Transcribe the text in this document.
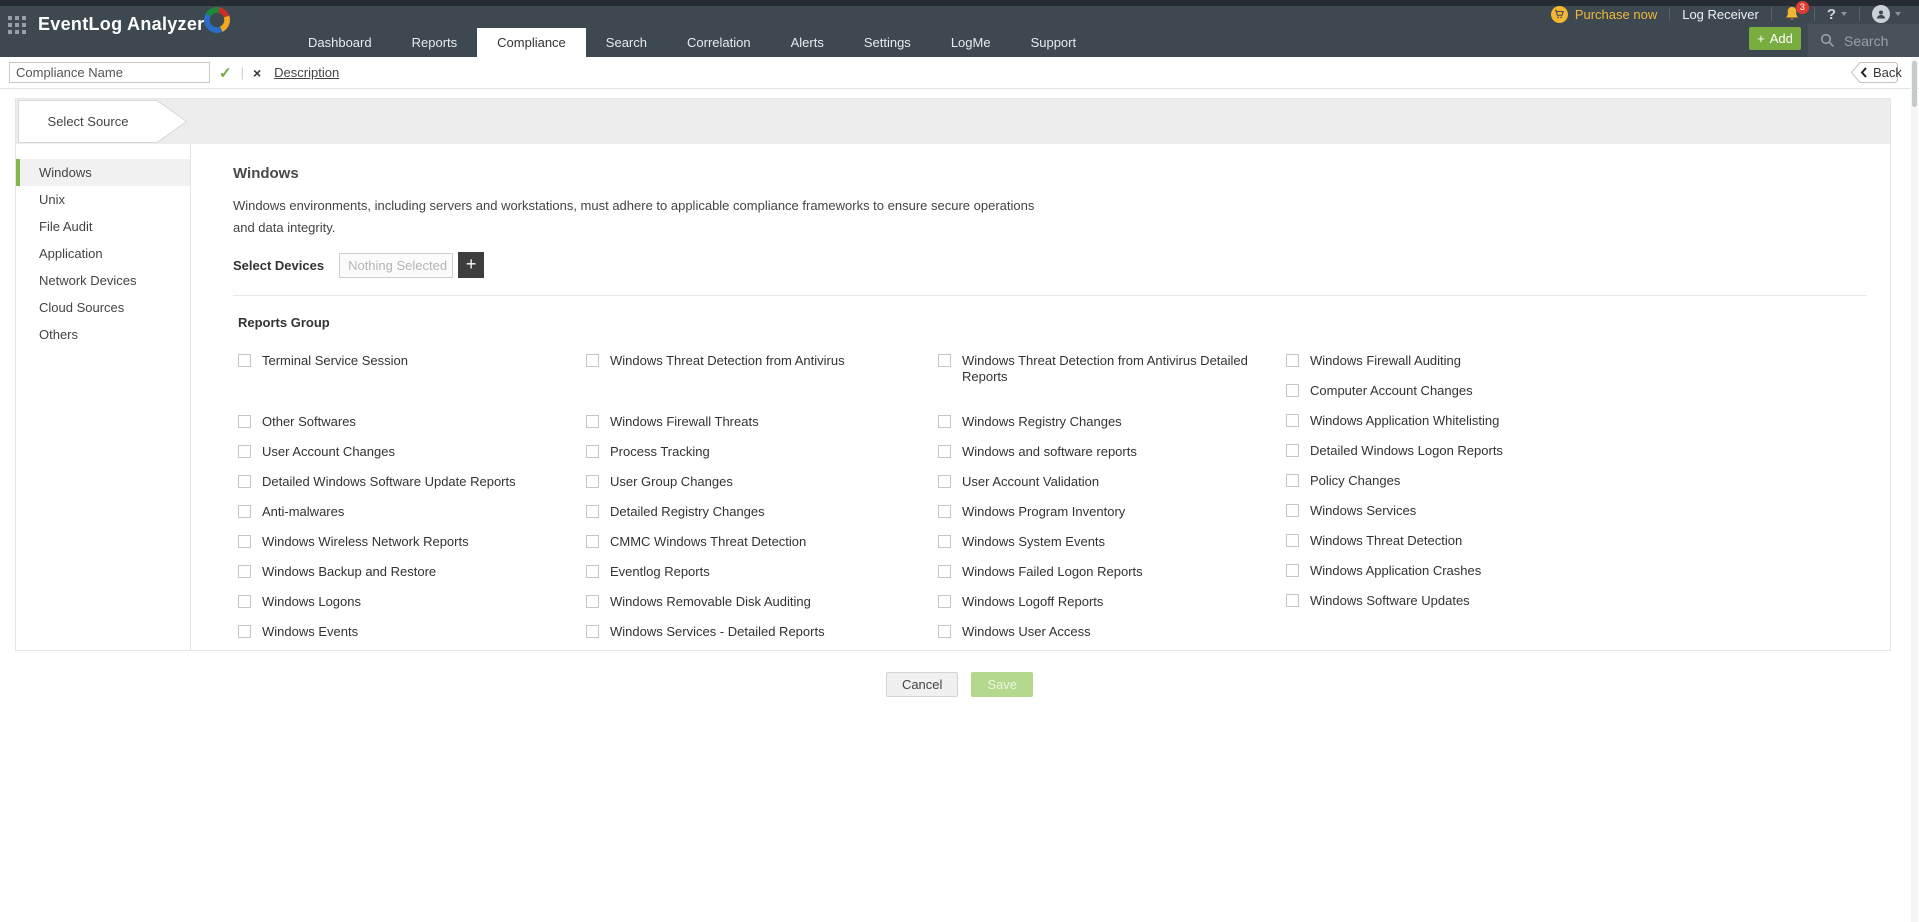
EventLog Analyzer
Dashboard	Reports	Compliance	Search	Correlation	Alerts	Settings	LogMe	Support
Purchase now Log Receiver	3 ?
+ Add	Search
Compliance Name
✓ | × Description	Back
Select Source
Windows
Unix
File Audit
Application
Network Devices
Cloud Sources
Others
Windows
Windows environments, including servers and workstations, must adhere to applicable compliance frameworks to ensure secure operations and data integrity.
Select Devices Nothing Selected	+
Reports Group
Terminal Service Session
Other Softwares
User Account Changes
Detailed Windows Software Update Reports
Anti-malwares
Windows Wireless Network Reports
Windows Backup and Restore
Windows Logons
Windows Events
Windows Threat Detection from Antivirus
Windows Firewall Threats
Process Tracking
User Group Changes
Detailed Registry Changes
CMMC Windows Threat Detection
Eventlog Reports
Windows Removable Disk Auditing
Windows Services - Detailed Reports
Windows Threat Detection from Antivirus Detailed Reports
Windows Registry Changes
Windows and software reports
User Account Validation
Windows Program Inventory
Windows System Events
Windows Failed Logon Reports
Windows Logoff Reports
Windows User Access
Windows Firewall Auditing
Computer Account Changes
Windows Application Whitelisting
Detailed Windows Logon Reports
Policy Changes
Windows Services
Windows Threat Detection
Windows Application Crashes
Windows Software Updates
Cancel	Save
